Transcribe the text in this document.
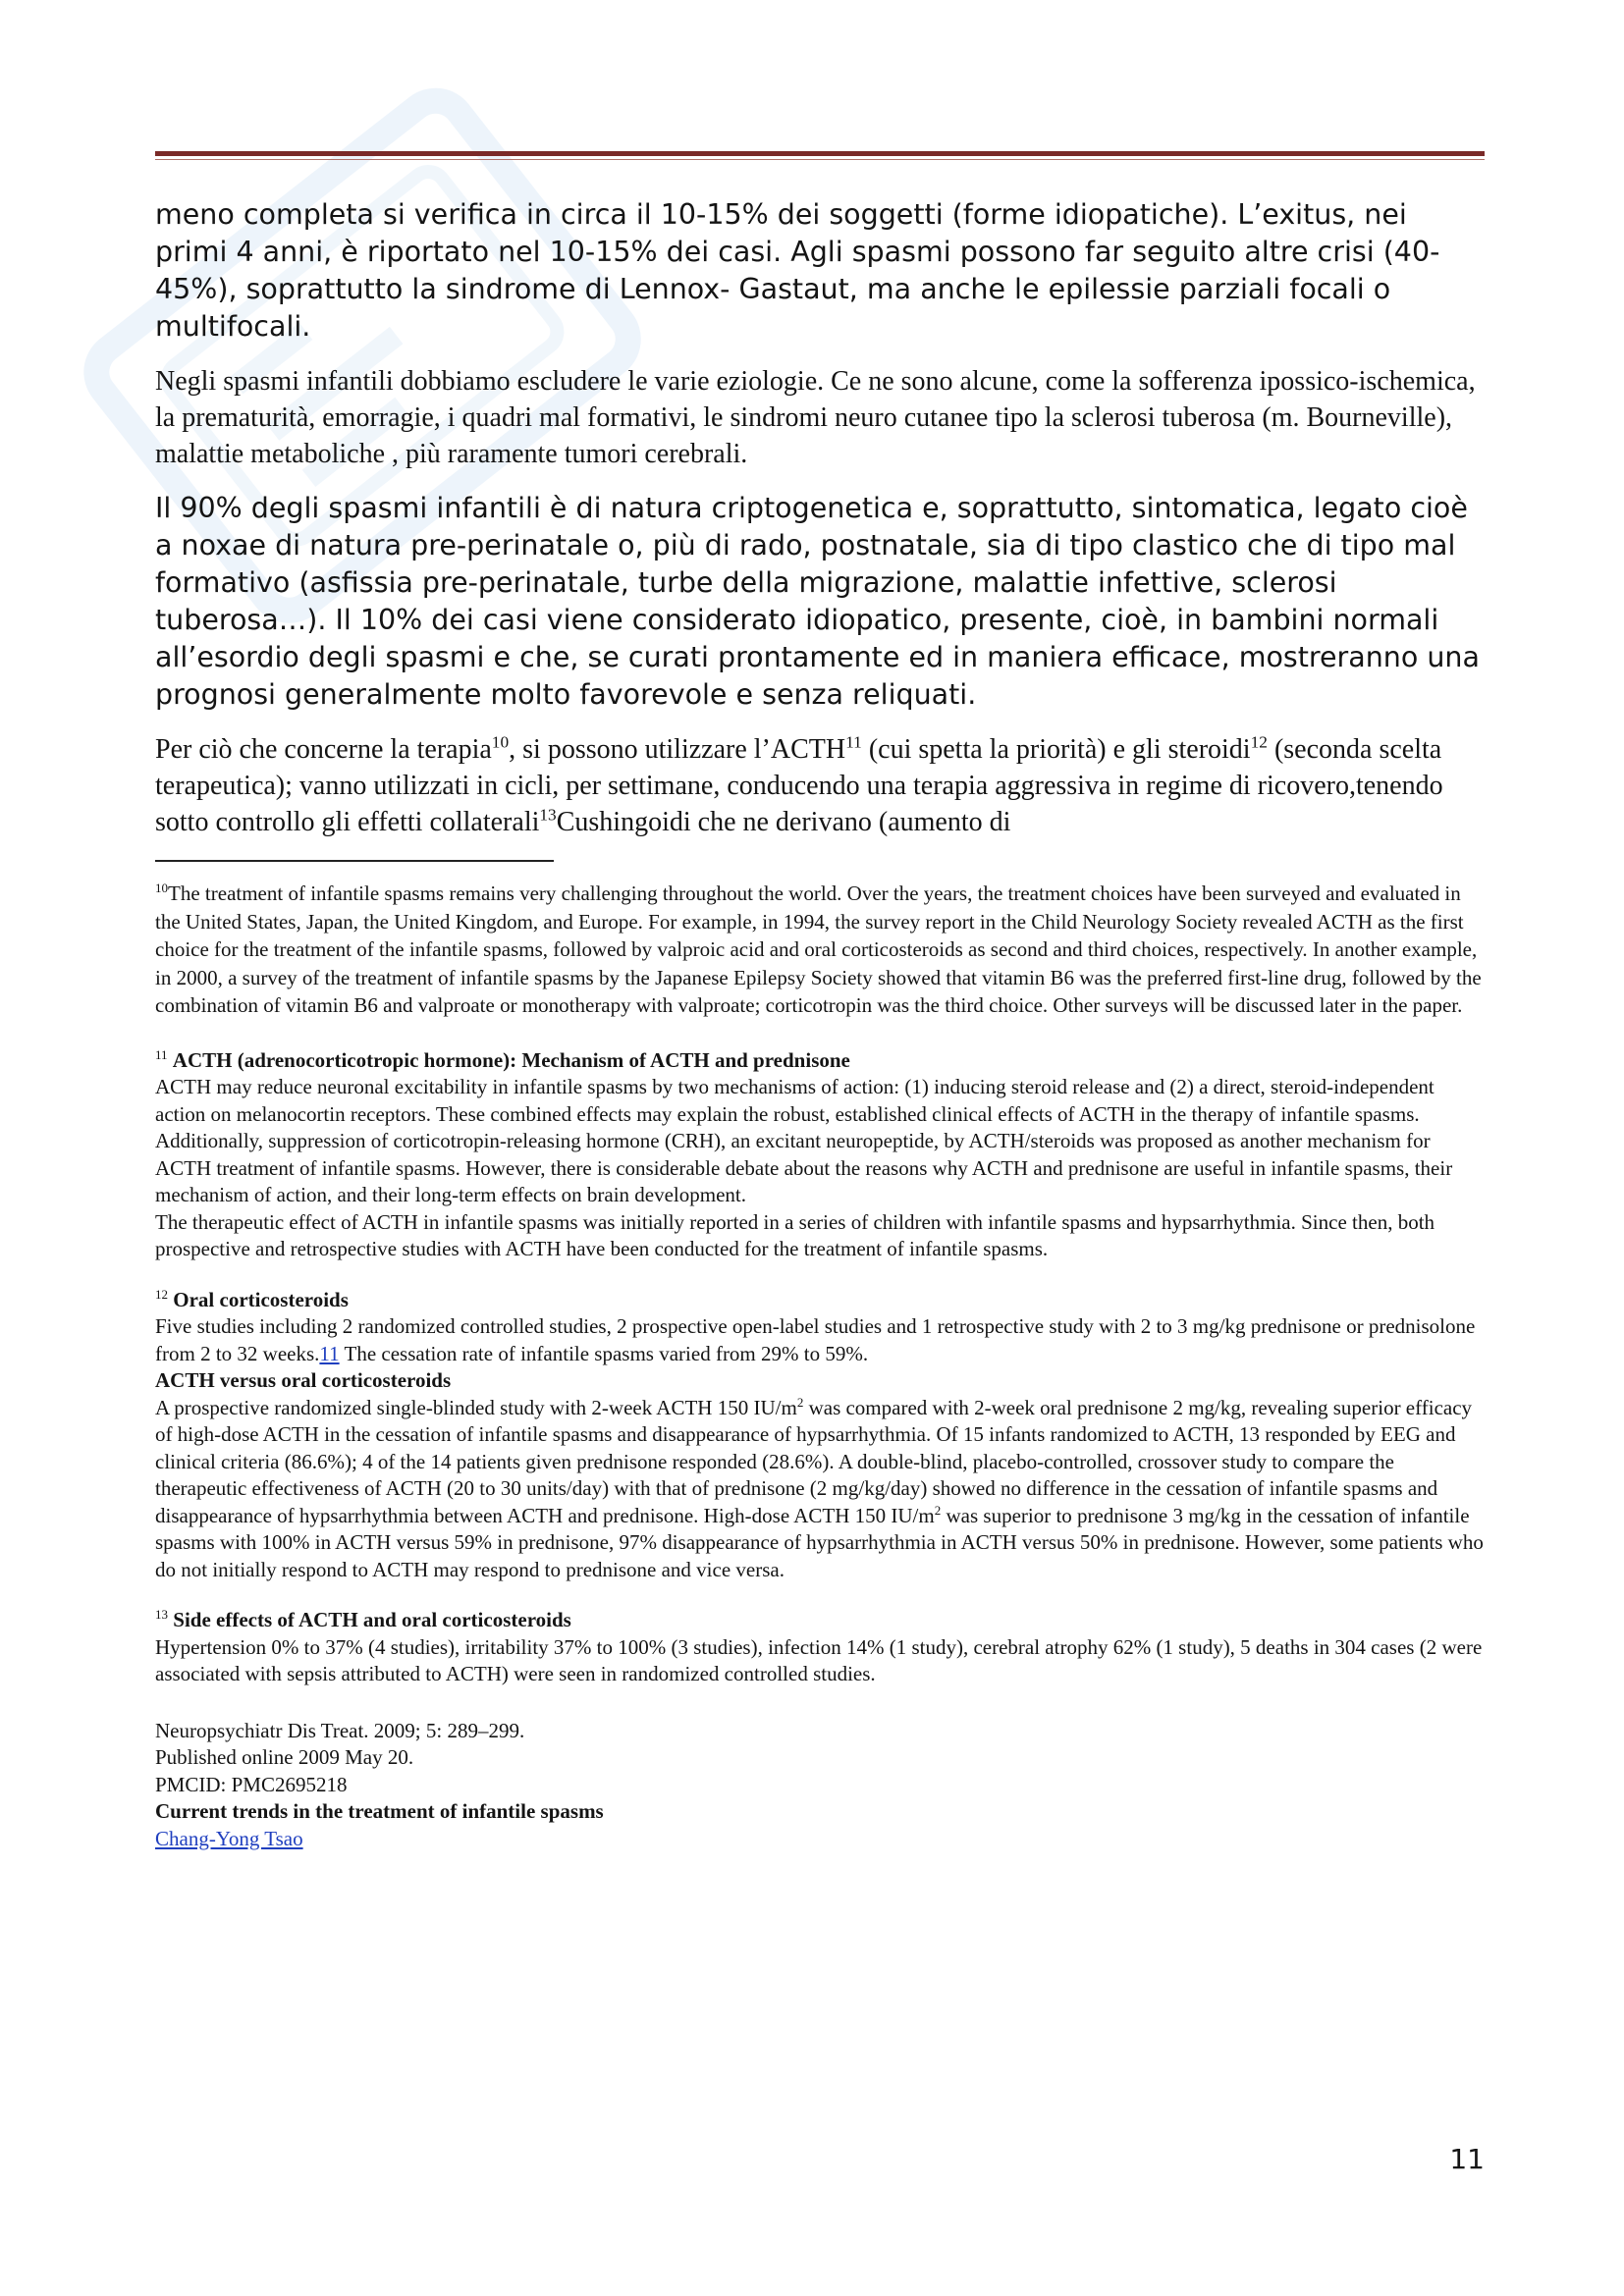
meno completa si verifica in circa il 10-15% dei soggetti (forme idiopatiche). L’exitus, nei primi 4 anni, è riportato nel 10-15% dei casi. Agli spasmi possono far seguito altre crisi (40-45%), soprattutto la sindrome di Lennox- Gastaut, ma anche le epilessie parziali focali o multifocali.

Negli spasmi infantili dobbiamo escludere le varie eziologie. Ce ne sono alcune, come la sofferenza ipossico-ischemica, la prematurità, emorragie, i quadri mal formativi, le sindromi neuro cutanee tipo la sclerosi tuberosa (m. Bourneville), malattie metaboliche , più raramente tumori cerebrali.

Il 90% degli spasmi infantili è di natura criptogenetica e, soprattutto, sintomatica, legato cioè a noxae di natura pre-perinatale o, più di rado, postnatale, sia di tipo clastico che di tipo mal formativo (asfissia pre-perinatale, turbe della migrazione, malattie infettive, sclerosi tuberosa…). Il 10% dei casi viene considerato idiopatico, presente, cioè, in bambini normali all’esordio degli spasmi e che, se curati prontamente ed in maniera efficace, mostreranno una prognosi generalmente molto favorevole e senza reliquati.

Per ciò che concerne la terapia$^{10}$, si possono utilizzare l’ACTH$^{11}$ (cui spetta la priorità) e gli steroidi$^{12}$ (seconda scelta terapeutica); vanno utilizzati in cicli, per settimane, conducendo una terapia aggressiva in regime di ricovero,tenendo sotto controllo gli effetti collaterali$^{13}$Cushingoidi che ne derivano (aumento di

$^{10}$The treatment of infantile spasms remains very challenging throughout the world. Over the years, the treatment choices have been surveyed and evaluated in the United States, Japan, the United Kingdom, and Europe. For example, in 1994, the survey report in the Child Neurology Society revealed ACTH as the first choice for the treatment of the infantile spasms, followed by valproic acid and oral corticosteroids as second and third choices, respectively. In another example, in 2000, a survey of the treatment of infantile spasms by the Japanese Epilepsy Society showed that vitamin B6 was the preferred first-line drug, followed by the combination of vitamin B6 and valproate or monotherapy with valproate; corticotropin was the third choice. Other surveys will be discussed later in the paper.

$^{11}$ ACTH (adrenocorticotropic hormone): Mechanism of ACTH and prednisone

ACTH may reduce neuronal excitability in infantile spasms by two mechanisms of action: (1) inducing steroid release and (2) a direct, steroid-independent action on melanocortin receptors. These combined effects may explain the robust, established clinical effects of ACTH in the therapy of infantile spasms. Additionally, suppression of corticotropin-releasing hormone (CRH), an excitant neuropeptide, by ACTH/steroids was proposed as another mechanism for ACTH treatment of infantile spasms. However, there is considerable debate about the reasons why ACTH and prednisone are useful in infantile spasms, their mechanism of action, and their long-term effects on brain development.

The therapeutic effect of ACTH in infantile spasms was initially reported in a series of children with infantile spasms and hypsarrhythmia. Since then, both prospective and retrospective studies with ACTH have been conducted for the treatment of infantile spasms.

$^{12}$ Oral corticosteroids

Five studies including 2 randomized controlled studies, 2 prospective open-label studies and 1 retrospective study with 2 to 3 mg/kg prednisone or prednisolone from 2 to 32 weeks.11 The cessation rate of infantile spasms varied from 29% to 59%.

ACTH versus oral corticosteroids

A prospective randomized single-blinded study with 2-week ACTH 150 $IU/m^2$ was compared with 2-week oral prednisone 2 mg/kg, revealing superior efficacy of high-dose ACTH in the cessation of infantile spasms and disappearance of hypsarrhythmia. Of 15 infants randomized to ACTH, 13 responded by EEG and clinical criteria (86.6%); 4 of the 14 patients given prednisone responded (28.6%). A double-blind, placebo-controlled, crossover study to compare the therapeutic effectiveness of ACTH (20 to 30 units/day) with that of prednisone (2 mg/kg/day) showed no difference in the cessation of infantile spasms and disappearance of hypsarrhythmia between ACTH and prednisone. High-dose ACTH 150 $IU/m^2$ was superior to prednisone 3 mg/kg in the cessation of infantile spasms with 100% in ACTH versus 59% in prednisone, 97% disappearance of hypsarrhythmia in ACTH versus 50% in prednisone. However, some patients who do not initially respond to ACTH may respond to prednisone and vice versa.

$^{13}$ Side effects of ACTH and oral corticosteroids

Hypertension 0% to 37% (4 studies), irritability 37% to 100% (3 studies), infection 14% (1 study), cerebral atrophy 62% (1 study), 5 deaths in 304 cases (2 were associated with sepsis attributed to ACTH) were seen in randomized controlled studies.

Neuropsychiatr Dis Treat. 2009; 5: 289–299.

Published online 2009 May 20.

PMCID: PMC2695218

Current trends in the treatment of infantile spasms

Chang-Yong Tsao

11
